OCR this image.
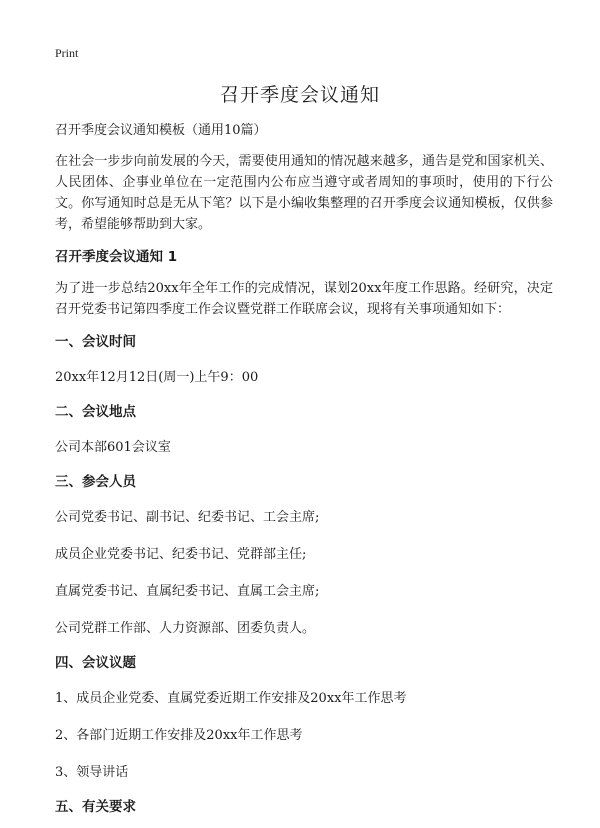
Print
召开季度会议通知

召开季度会议通知模板（通用10篇）

在社会一步步向前发展的今天，需要使用通知的情况越来越多，通告是党和国家机关、人民团体、企事业单位在一定范围内公布应当遵守或者周知的事项时，使用的下行公文。你写通知时总是无从下笔？以下是小编收集整理的召开季度会议通知模板，仅供参考，希望能够帮助到大家。

召开季度会议通知 1

为了进一步总结20xx年全年工作的完成情况，谋划20xx年度工作思路。经研究，决定召开党委书记第四季度工作会议暨党群工作联席会议，现将有关事项通知如下：

一、会议时间

20xx年12月12日(周一)上午9：00

二、会议地点

公司本部601会议室

三、参会人员

公司党委书记、副书记、纪委书记、工会主席;

成员企业党委书记、纪委书记、党群部主任;

直属党委书记、直属纪委书记、直属工会主席;

公司党群工作部、人力资源部、团委负责人。

四、会议议题

1、成员企业党委、直属党委近期工作安排及20xx年工作思考

2、各部门近期工作安排及20xx年工作思考

3、领导讲话

五、有关要求
